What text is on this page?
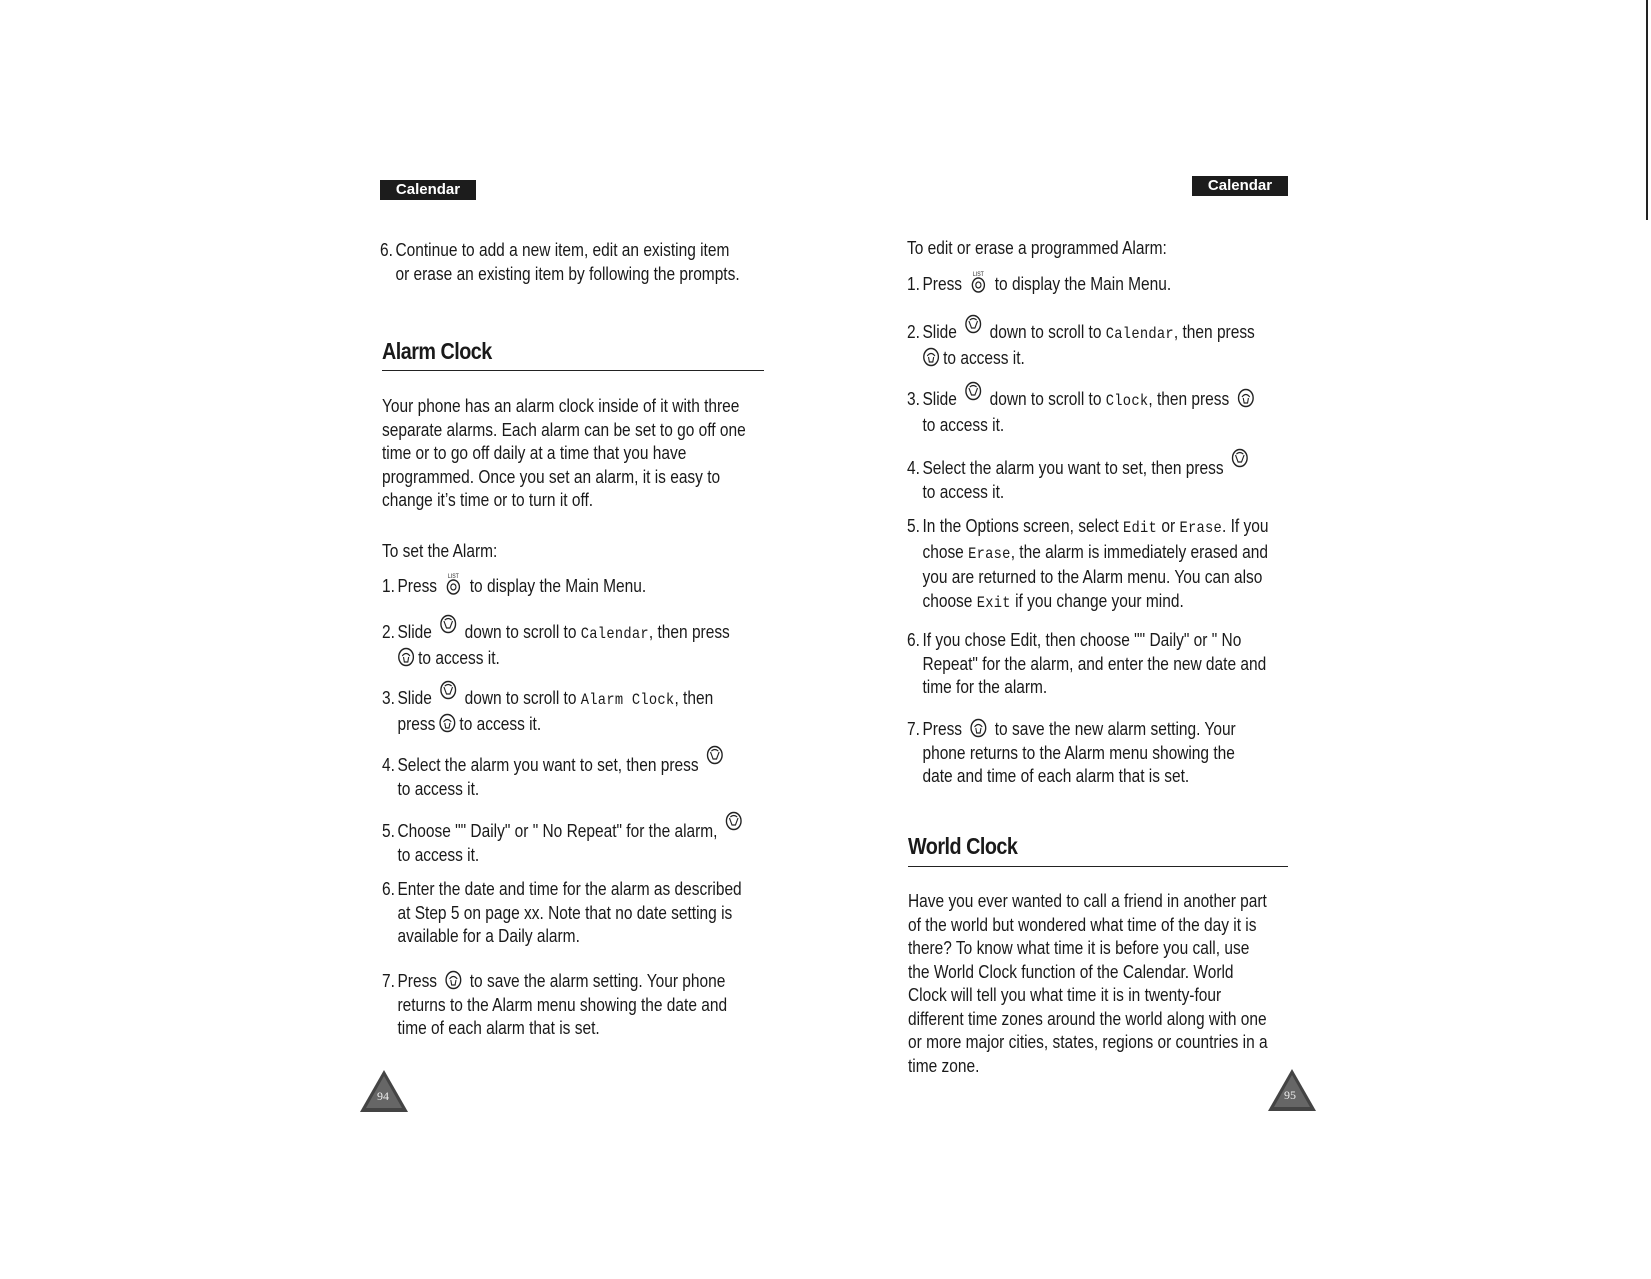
Calendar
6. Continue to add a new item, edit an existing item
or erase an existing item by following the prompts.
Alarm Clock
Your phone has an alarm clock inside of it with three
separate alarms. Each alarm can be set to go off one
time or to go off daily at a time that you have
programmed. Once you set an alarm, it is easy to
change it’s time or to turn it off.
To set the Alarm:
1. Press to display the Main Menu.
2. Slide down to scroll to Calendar, then press
to access it.
3. Slide down to scroll to Alarm Clock, then
press to access it.
4. Select the alarm you want to set, then press
to access it.
5. Choose "" Daily" or " No Repeat" for the alarm,
to access it.
6. Enter the date and time for the alarm as described
at Step 5 on page xx. Note that no date setting is
available for a Daily alarm.
7. Press to save the alarm setting. Your phone
returns to the Alarm menu showing the date and
time of each alarm that is set.
94
Calendar
To edit or erase a programmed Alarm:
1. Press to display the Main Menu.
2. Slide down to scroll to Calendar, then press
to access it.
3. Slide down to scroll to Clock, then press
to access it.
4. Select the alarm you want to set, then press
to access it.
5. In the Options screen, select Edit or Erase. If you
chose Erase, the alarm is immediately erased and
you are returned to the Alarm menu. You can also
choose Exit if you change your mind.
6. If you chose Edit, then choose "" Daily" or " No
Repeat" for the alarm, and enter the new date and
time for the alarm.
7. Press to save the new alarm setting. Your
phone returns to the Alarm menu showing the
date and time of each alarm that is set.
World Clock
Have you ever wanted to call a friend in another part
of the world but wondered what time of the day it is
there? To know what time it is before you call, use
the World Clock function of the Calendar. World
Clock will tell you what time it is in twenty-four
different time zones around the world along with one
or more major cities, states, regions or countries in a
time zone.
95
